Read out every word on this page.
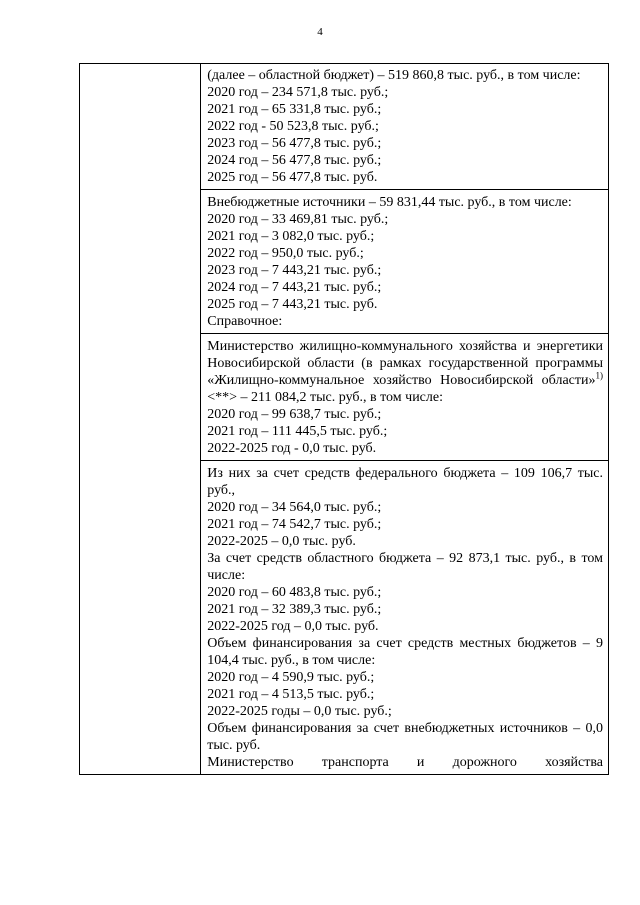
4

(далее – областной бюджет) – 519 860,8 тыс. руб., в том числе:
2020 год – 234 571,8 тыс. руб.;
2021 год – 65 331,8 тыс. руб.;
2022 год - 50 523,8 тыс. руб.;
2023 год – 56 477,8 тыс. руб.;
2024 год – 56 477,8 тыс. руб.;
2025 год – 56 477,8 тыс. руб.

Внебюджетные источники – 59 831,44 тыс. руб., в том числе:
2020 год – 33 469,81 тыс. руб.;
2021 год – 3 082,0 тыс. руб.;
2022 год – 950,0 тыс. руб.;
2023 год – 7 443,21 тыс. руб.;
2024 год – 7 443,21 тыс. руб.;
2025 год – 7 443,21 тыс. руб.
Справочное:

Министерство жилищно-коммунального хозяйства и энергетики Новосибирской области (в рамках государственной программы «Жилищно-коммунальное хозяйство Новосибирской области»$^{1)}$ <**> – 211 084,2 тыс. руб., в том числе:
2020 год – 99 638,7 тыс. руб.;
2021 год – 111 445,5 тыс. руб.;
2022-2025 год - 0,0 тыс. руб.

Из них за счет средств федерального бюджета – 109 106,7 тыс. руб.,
2020 год – 34 564,0 тыс. руб.;
2021 год – 74 542,7 тыс. руб.;
2022-2025 – 0,0 тыс. руб.
За счет средств областного бюджета – 92 873,1 тыс. руб., в том числе:
2020 год – 60 483,8 тыс. руб.;
2021 год – 32 389,3 тыс. руб.;
2022-2025 год – 0,0 тыс. руб.
Объем финансирования за счет средств местных бюджетов – 9 104,4 тыс. руб., в том числе:
2020 год – 4 590,9 тыс. руб.;
2021 год – 4 513,5 тыс. руб.;
2022-2025 годы – 0,0 тыс. руб.;
Объем финансирования за счет внебюджетных источников – 0,0 тыс. руб.
Министерство транспорта и дорожного хозяйства
